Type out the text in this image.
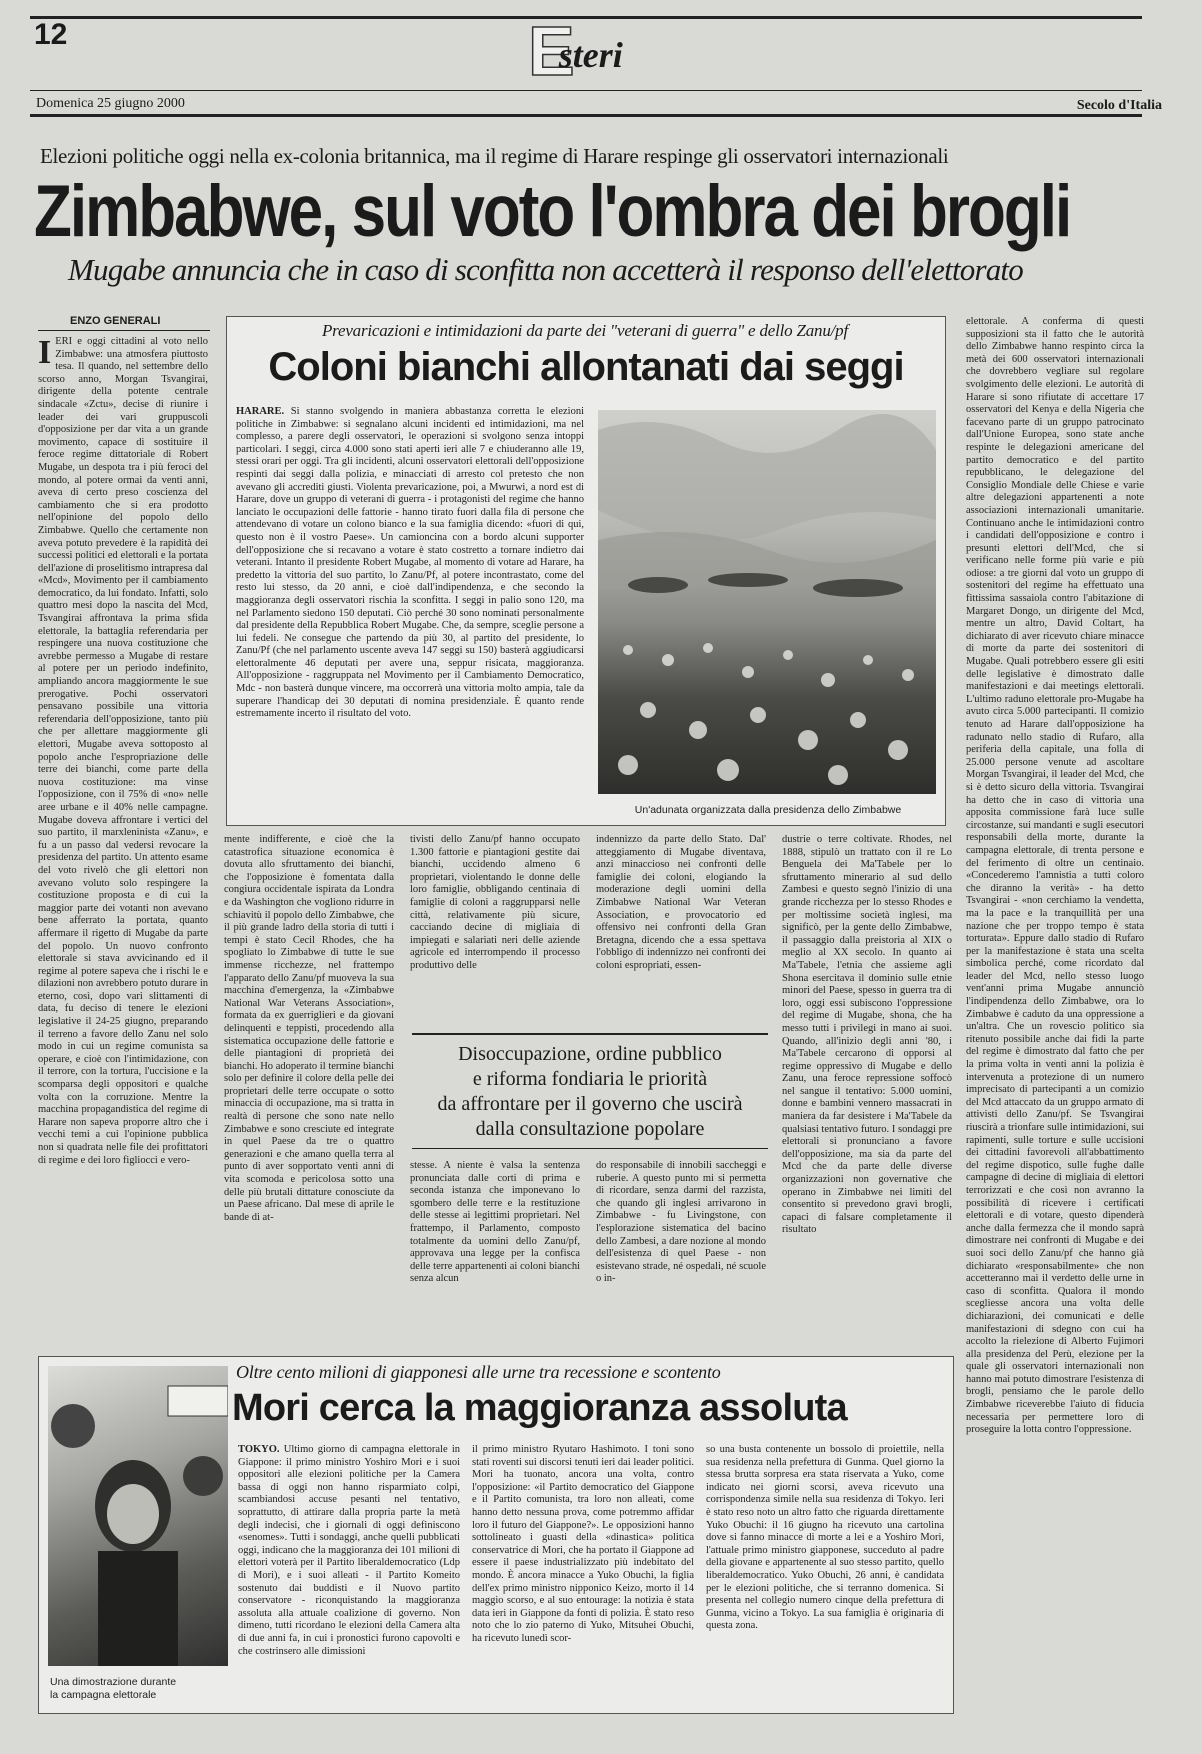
12	Esteri
Domenica 25 giugno 2000	Secolo d'Italia
Elezioni politiche oggi nella ex-colonia britannica, ma il regime di Harare respinge gli osservatori internazionali
Zimbabwe, sul voto l'ombra dei brogli
Mugabe annuncia che in caso di sconfitta non accetterà il responso dell'elettorato
ENZO GENERALI
IERI e oggi cittadini al voto nello Zimbabwe: una atmosfera piuttosto tesa. Il quando, nel settembre dello scorso anno, Morgan Tsvangirai, dirigente della potente centrale sindacale «Zctu», decise di riunire i leader dei vari gruppuscoli d'opposizione per dar vita a un grande movimento, capace di sostituire il feroce regime dittatoriale di Robert Mugabe, un despota tra i più feroci del mondo, al potere ormai da venti anni, aveva di certo preso coscienza del cambiamento che si era prodotto nell'opinione del popolo dello Zimbabwe. Quello che certamente non aveva potuto prevedere è la rapidità dei successi politici ed elettorali e la portata dell'azione di proselitismo intrapresa dal «Mcd», Movimento per il cambiamento democratico, da lui fondato. Infatti, solo quattro mesi dopo la nascita del Mcd, Tsvangirai affrontava la prima sfida elettorale, la battaglia referendaria per respingere una nuova costituzione che avrebbe permesso a Mugabe di restare al potere per un periodo indefinito, ampliando ancora maggiormente le sue prerogative. Pochi osservatori pensavano possibile una vittoria referendaria dell'opposizione, tanto più che per allettare maggiormente gli elettori, Mugabe aveva sottoposto al popolo anche l'espropriazione delle terre dei bianchi, come parte della nuova costituzione: ma vinse l'opposizione, con il 75% di «no» nelle aree urbane e il 40% nelle campagne. Mugabe doveva affrontare i vertici del suo partito, il marxleninista «Zanu», e fu a un passo dal vedersi revocare la presidenza del partito. Un attento esame del voto rivelò che gli elettori non avevano voluto solo respingere la costituzione proposta e di cui la maggior parte dei votanti non avevano bene afferrato la portata, quanto affermare il rigetto di Mugabe da parte del popolo. Un nuovo confronto elettorale si stava avvicinando ed il regime al potere sapeva che i rischi le e dilazioni non avrebbero potuto durare in eterno, così, dopo vari slittamenti di data, fu deciso di tenere le elezioni legislative il 24-25 giugno, preparando il terreno a favore dello Zanu nel solo modo in cui un regime comunista sa operare, e cioè con l'intimidazione, con il terrore, con la tortura, l'uccisione e la scomparsa degli oppositori e qualche volta con la corruzione. Mentre la macchina propagandistica del regime di Harare non sapeva proporre altro che i vecchi temi a cui l'opinione pubblica non si quadrata nelle file dei profittatori di regime e dei loro figliocci e vero-
Prevaricazioni e intimidazioni da parte dei "veterani di guerra" e dello Zanu/pf
Coloni bianchi allontanati dai seggi
HARARE. Si stanno svolgendo in maniera abbastanza corretta le elezioni politiche in Zimbabwe: si segnalano alcuni incidenti ed intimidazioni, ma nel complesso, a parere degli osservatori, le operazioni si svolgono senza intoppi particolari. I seggi, circa 4.000 sono stati aperti ieri alle 7 e chiuderanno alle 19, stessi orari per oggi. Tra gli incidenti, alcuni osservatori elettorali dell'opposizione respinti dai seggi dalla polizia, e minacciati di arresto col pretesto che non avevano gli accrediti giusti. Violenta prevaricazione, poi, a Mwurwi, a nord est di Harare, dove un gruppo di veterani di guerra - i protagonisti del regime che hanno lanciato le occupazioni delle fattorie - hanno tirato fuori dalla fila di persone che attendevano di votare un colono bianco e la sua famiglia dicendo: «fuori di qui, questo non è il vostro Paese». Un camioncina con a bordo alcuni supporter dell'opposizione che si recavano a votare è stato costretto a tornare indietro dai veterani. Intanto il presidente Robert Mugabe, al momento di votare ad Harare, ha predetto la vittoria del suo partito, lo Zanu/Pf, al potere incontrastato, come del resto lui stesso, da 20 anni, e cioè dall'indipendenza, e che secondo la maggioranza degli osservatori rischia la sconfitta. I seggi in palio sono 120, ma nel Parlamento siedono 150 deputati. Ciò perché 30 sono nominati personalmente dal presidente della Repubblica Robert Mugabe. Che, da sempre, sceglie persone a lui fedeli. Ne consegue che partendo da più 30, al partito del presidente, lo Zanu/Pf (che nel parlamento uscente aveva 147 seggi su 150) basterà aggiudicarsi elettoralmente 46 deputati per avere una, seppur risicata, maggioranza. All'opposizione - raggruppata nel Movimento per il Cambiamento Democratico, Mdc - non basterà dunque vincere, ma occorrerà una vittoria molto ampia, tale da superare l'handicap dei 30 deputati di nomina presidenziale. È quanto rende estremamente incerto il risultato del voto.
Un'adunata organizzata dalla presidenza dello Zimbabwe
mente indifferente, e cioè che la catastrofica situazione economica è dovuta allo sfruttamento dei bianchi, che l'opposizione è fomentata dalla congiura occidentale ispirata da Londra e da Washington che vogliono ridurre in schiavitù il popolo dello Zimbabwe, che il più grande ladro della storia di tutti i tempi è stato Cecil Rhodes, che ha spogliato lo Zimbabwe di tutte le sue immense ricchezze, nel frattempo l'apparato dello Zanu/pf muoveva la sua macchina d'emergenza, la «Zimbabwe National War Veterans Association», formata da ex guerriglieri e da giovani delinquenti e teppisti, procedendo alla sistematica occupazione delle fattorie e delle piantagioni di proprietà dei bianchi. Ho adoperato il termine bianchi solo per definire il colore della pelle dei proprietari delle terre occupate o sotto minaccia di occupazione, ma si tratta in realtà di persone che sono nate nello Zimbabwe e sono cresciute ed integrate in quel Paese da tre o quattro generazioni e che amano quella terra al punto di aver sopportato venti anni di vita scomoda e pericolosa sotto una delle più brutali dittature conosciute da un Paese africano. Dal mese di aprile le bande di at-
tivisti dello Zanu/pf hanno occupato 1.300 fattorie e piantagioni gestite dai bianchi, uccidendo almeno 6 proprietari, violentando le donne delle loro famiglie, obbligando centinaia di famiglie di coloni a raggrupparsi nelle città, relativamente più sicure, cacciando decine di migliaia di impiegati e salariati neri delle aziende agricole ed interrompendo il processo produttivo delle
indennizzo da parte dello Stato. Dal' atteggiamento di Mugabe diventava, anzi minaccioso nei confronti delle famiglie dei coloni, elogiando la moderazione degli uomini della Zimbabwe National War Veteran Association, e provocatorio ed offensivo nei confronti della Gran Bretagna, dicendo che a essa spettava l'obbligo di indennizzo nei confronti dei coloni espropriati, essen-
Disoccupazione, ordine pubblico
e riforma fondiaria le priorità
da affrontare per il governo che uscirà
dalla consultazione popolare
stesse. A niente è valsa la sentenza pronunciata dalle corti di prima e seconda istanza che imponevano lo sgombero delle terre e la restituzione delle stesse ai legittimi proprietari. Nel frattempo, il Parlamento, composto totalmente da uomini dello Zanu/pf, approvava una legge per la confisca delle terre appartenenti ai coloni bianchi senza alcun
do responsabile di innobili saccheggi e ruberie. A questo punto mi si permetta di ricordare, senza darmi del razzista, che quando gli inglesi arrivarono in Zimbabwe - fu Livingstone, con l'esplorazione sistematica del bacino dello Zambesi, a dare nozione al mondo dell'esistenza di quel Paese - non esistevano strade, né ospedali, né scuole o in-
dustrie o terre coltivate. Rhodes, nel 1888, stipulò un trattato con il re Lo Benguela dei Ma'Tabele per lo sfruttamento minerario al sud dello Zambesi e questo segnò l'inizio di una grande ricchezza per lo stesso Rhodes e per moltissime società inglesi, ma significò, per la gente dello Zimbabwe, il passaggio dalla preistoria al XIX o meglio al XX secolo. In quanto ai Ma'Tabele, l'etnia che assieme agli Shona esercitava il dominio sulle etnie minori del Paese, spesso in guerra tra di loro, oggi essi subiscono l'oppressione del regime di Mugabe, shona, che ha messo tutti i privilegi in mano ai suoi. Quando, all'inizio degli anni '80, i Ma'Tabele cercarono di opporsi al regime oppressivo di Mugabe e dello Zanu, una feroce repressione soffocò nel sangue il tentativo: 5.000 uomini, donne e bambini vennero massacrati in maniera da far desistere i Ma'Tabele da qualsiasi tentativo futuro. I sondaggi pre elettorali si pronunciano a favore dell'opposizione, ma sia da parte del Mcd che da parte delle diverse organizzazioni non governative che operano in Zimbabwe nei limiti del consentito si prevedono gravi brogli, capaci di falsare completamente il risultato
elettorale. A conferma di questi supposizioni sta il fatto che le autorità dello Zimbabwe hanno respinto circa la metà dei 600 osservatori internazionali che dovrebbero vegliare sul regolare svolgimento delle elezioni. Le autorità di Harare si sono rifiutate di accettare 17 osservatori del Kenya e della Nigeria che facevano parte di un gruppo patrocinato dall'Unione Europea, sono state anche respinte le delegazioni americane del partito democratico e del partito repubblicano, le delegazione del Consiglio Mondiale delle Chiese e varie altre delegazioni appartenenti a note associazioni internazionali umanitarie. Continuano anche le intimidazioni contro i candidati dell'opposizione e contro i presunti elettori dell'Mcd, che si verificano nelle forme più varie e più odiose: a tre giorni dal voto un gruppo di sostenitori del regime ha effettuato una fittissima sassaiola contro l'abitazione di Margaret Dongo, un dirigente del Mcd, mentre un altro, David Coltart, ha dichiarato di aver ricevuto chiare minacce di morte da parte dei sostenitori di Mugabe. Quali potrebbero essere gli esiti delle legislative è dimostrato dalle manifestazioni e dai meetings elettorali. L'ultimo raduno elettorale pro-Mugabe ha avuto circa 5.000 partecipanti. Il comizio tenuto ad Harare dall'opposizione ha radunato nello stadio di Rufaro, alla periferia della capitale, una folla di 25.000 persone venute ad ascoltare Morgan Tsvangirai, il leader del Mcd, che si è detto sicuro della vittoria. Tsvangirai ha detto che in caso di vittoria una apposita commissione farà luce sulle circostanze, sui mandanti e sugli esecutori responsabili della morte, durante la campagna elettorale, di trenta persone e del ferimento di oltre un centinaio. «Concederemo l'amnistia a tutti coloro che diranno la verità» - ha detto Tsvangirai - «non cerchiamo la vendetta, ma la pace e la tranquillità per una nazione che per troppo tempo è stata torturata». Eppure dallo stadio di Rufaro per la manifestazione è stata una scelta simbolica perché, come ricordato dal leader del Mcd, nello stesso luogo vent'anni prima Mugabe annunciò l'indipendenza dello Zimbabwe, ora lo Zimbabwe è caduto da una oppressione a un'altra. Che un rovescio politico sia ritenuto possibile anche dai fidi la parte del regime è dimostrato dal fatto che per la prima volta in venti anni la polizia è intervenuta a protezione di un numero imprecisato di partecipanti a un comizio del Mcd attaccato da un gruppo armato di attivisti dello Zanu/pf. Se Tsvangirai riuscirà a trionfare sulle intimidazioni, sui rapimenti, sulle torture e sulle uccisioni dei cittadini favorevoli all'abbattimento del regime dispotico, sulle fughe dalle campagne di decine di migliaia di elettori terrorizzati e che così non avranno la possibilità di ricevere i certificati elettorali e di votare, questo dipenderà anche dalla fermezza che il mondo saprà dimostrare nei confronti di Mugabe e dei suoi soci dello Zanu/pf che hanno già dichiarato «responsabilmente» che non accetteranno mai il verdetto delle urne in caso di sconfitta. Qualora il mondo scegliesse ancora una volta delle dichiarazioni, dei comunicati e delle manifestazioni di sdegno con cui ha accolto la rielezione di Alberto Fujimori alla presidenza del Perù, elezione per la quale gli osservatori internazionali non hanno mai potuto dimostrare l'esistenza di brogli, pensiamo che le parole dello Zimbabwe riceverebbe l'aiuto di fiducia necessaria per permettere loro di proseguire la lotta contro l'oppressione.
Una dimostrazione durante
la campagna elettorale
Oltre cento milioni di giapponesi alle urne tra recessione e scontento
Mori cerca la maggioranza assoluta
TOKYO. Ultimo giorno di campagna elettorale in Giappone: il primo ministro Yoshiro Mori e i suoi oppositori alle elezioni politiche per la Camera bassa di oggi non hanno risparmiato colpi, scambiandosi accuse pesanti nel tentativo, soprattutto, di attirare dalla propria parte la metà degli indecisi, che i giornali di oggi definiscono «senomes». Tutti i sondaggi, anche quelli pubblicati oggi, indicano che la maggioranza dei 101 milioni di elettori voterà per il Partito liberaldemocratico (Ldp di Mori), e i suoi alleati - il Partito Komeito sostenuto dai buddisti e il Nuovo partito conservatore - riconquistando la maggioranza assoluta alla attuale coalizione di governo. Non dimeno, tutti ricordano le elezioni della Camera alta di due anni fa, in cui i pronostici furono capovolti e che costrinsero alle dimissioni
il primo ministro Ryutaro Hashimoto. I toni sono stati roventi sui discorsi tenuti ieri dai leader politici. Mori ha tuonato, ancora una volta, contro l'opposizione: «il Partito democratico del Giappone e il Partito comunista, tra loro non alleati, come hanno detto nessuna prova, come potremmo affidar loro il futuro del Giappone?». Le opposizioni hanno sottolineato i guasti della «dinastica» politica conservatrice di Mori, che ha portato il Giappone ad essere il paese industrializzato più indebitato del mondo. È ancora minacce a Yuko Obuchi, la figlia dell'ex primo ministro nipponico Keizo, morto il 14 maggio scorso, e al suo entourage: la notizia è stata data ieri in Giappone da fonti di polizia. È stato reso noto che lo zio paterno di Yuko, Mitsuhei Obuchi, ha ricevuto lunedì scor-
so una busta contenente un bossolo di proiettile, nella sua residenza nella prefettura di Gunma. Quel giorno la stessa brutta sorpresa era stata riservata a Yuko, come indicato nei giorni scorsi, aveva ricevuto una corrispondenza simile nella sua residenza di Tokyo. Ieri è stato reso noto un altro fatto che riguarda direttamente Yuko Obuchi: il 16 giugno ha ricevuto una cartolina dove si fanno minacce di morte a lei e a Yoshiro Mori, l'attuale primo ministro giapponese, succeduto al padre della giovane e appartenente al suo stesso partito, quello liberaldemocratico. Yuko Obuchi, 26 anni, è candidata per le elezioni politiche, che si terranno domenica. Si presenta nel collegio numero cinque della prefettura di Gunma, vicino a Tokyo. La sua famiglia è originaria di questa zona.
